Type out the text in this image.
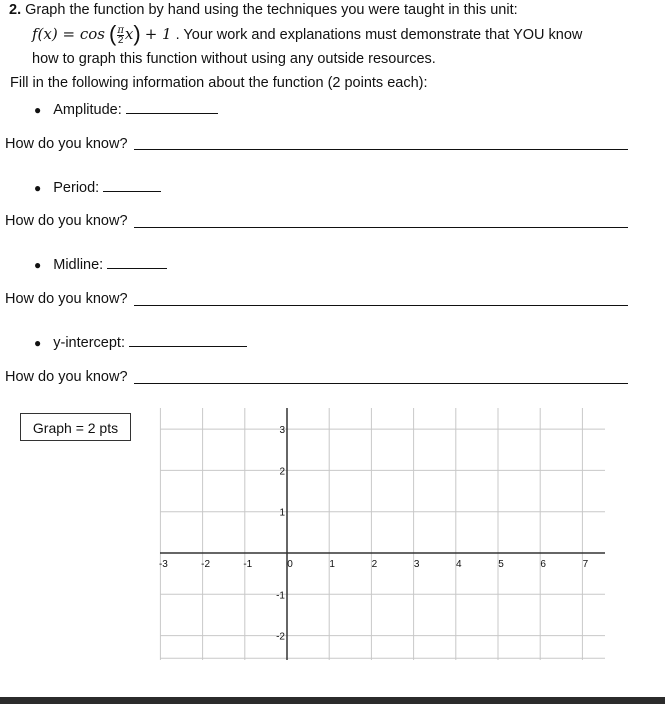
2. Graph the function by hand using the techniques you were taught in this unit:
$f(x) = \cos (\frac{\pi}{2} x) + 1$ . Your work and explanations must demonstrate that YOU know
how to graph this function without using any outside resources.
Fill in the following information about the function (2 points each):
● Amplitude:
How do you know?
● Period:
How do you know?
● Midline:
How do you know?
● y-intercept:
How do you know?
Graph = 2 pts
-3	-2	-1	0	1	2	3	4	5	6	7
3
2
1
-1
-2
